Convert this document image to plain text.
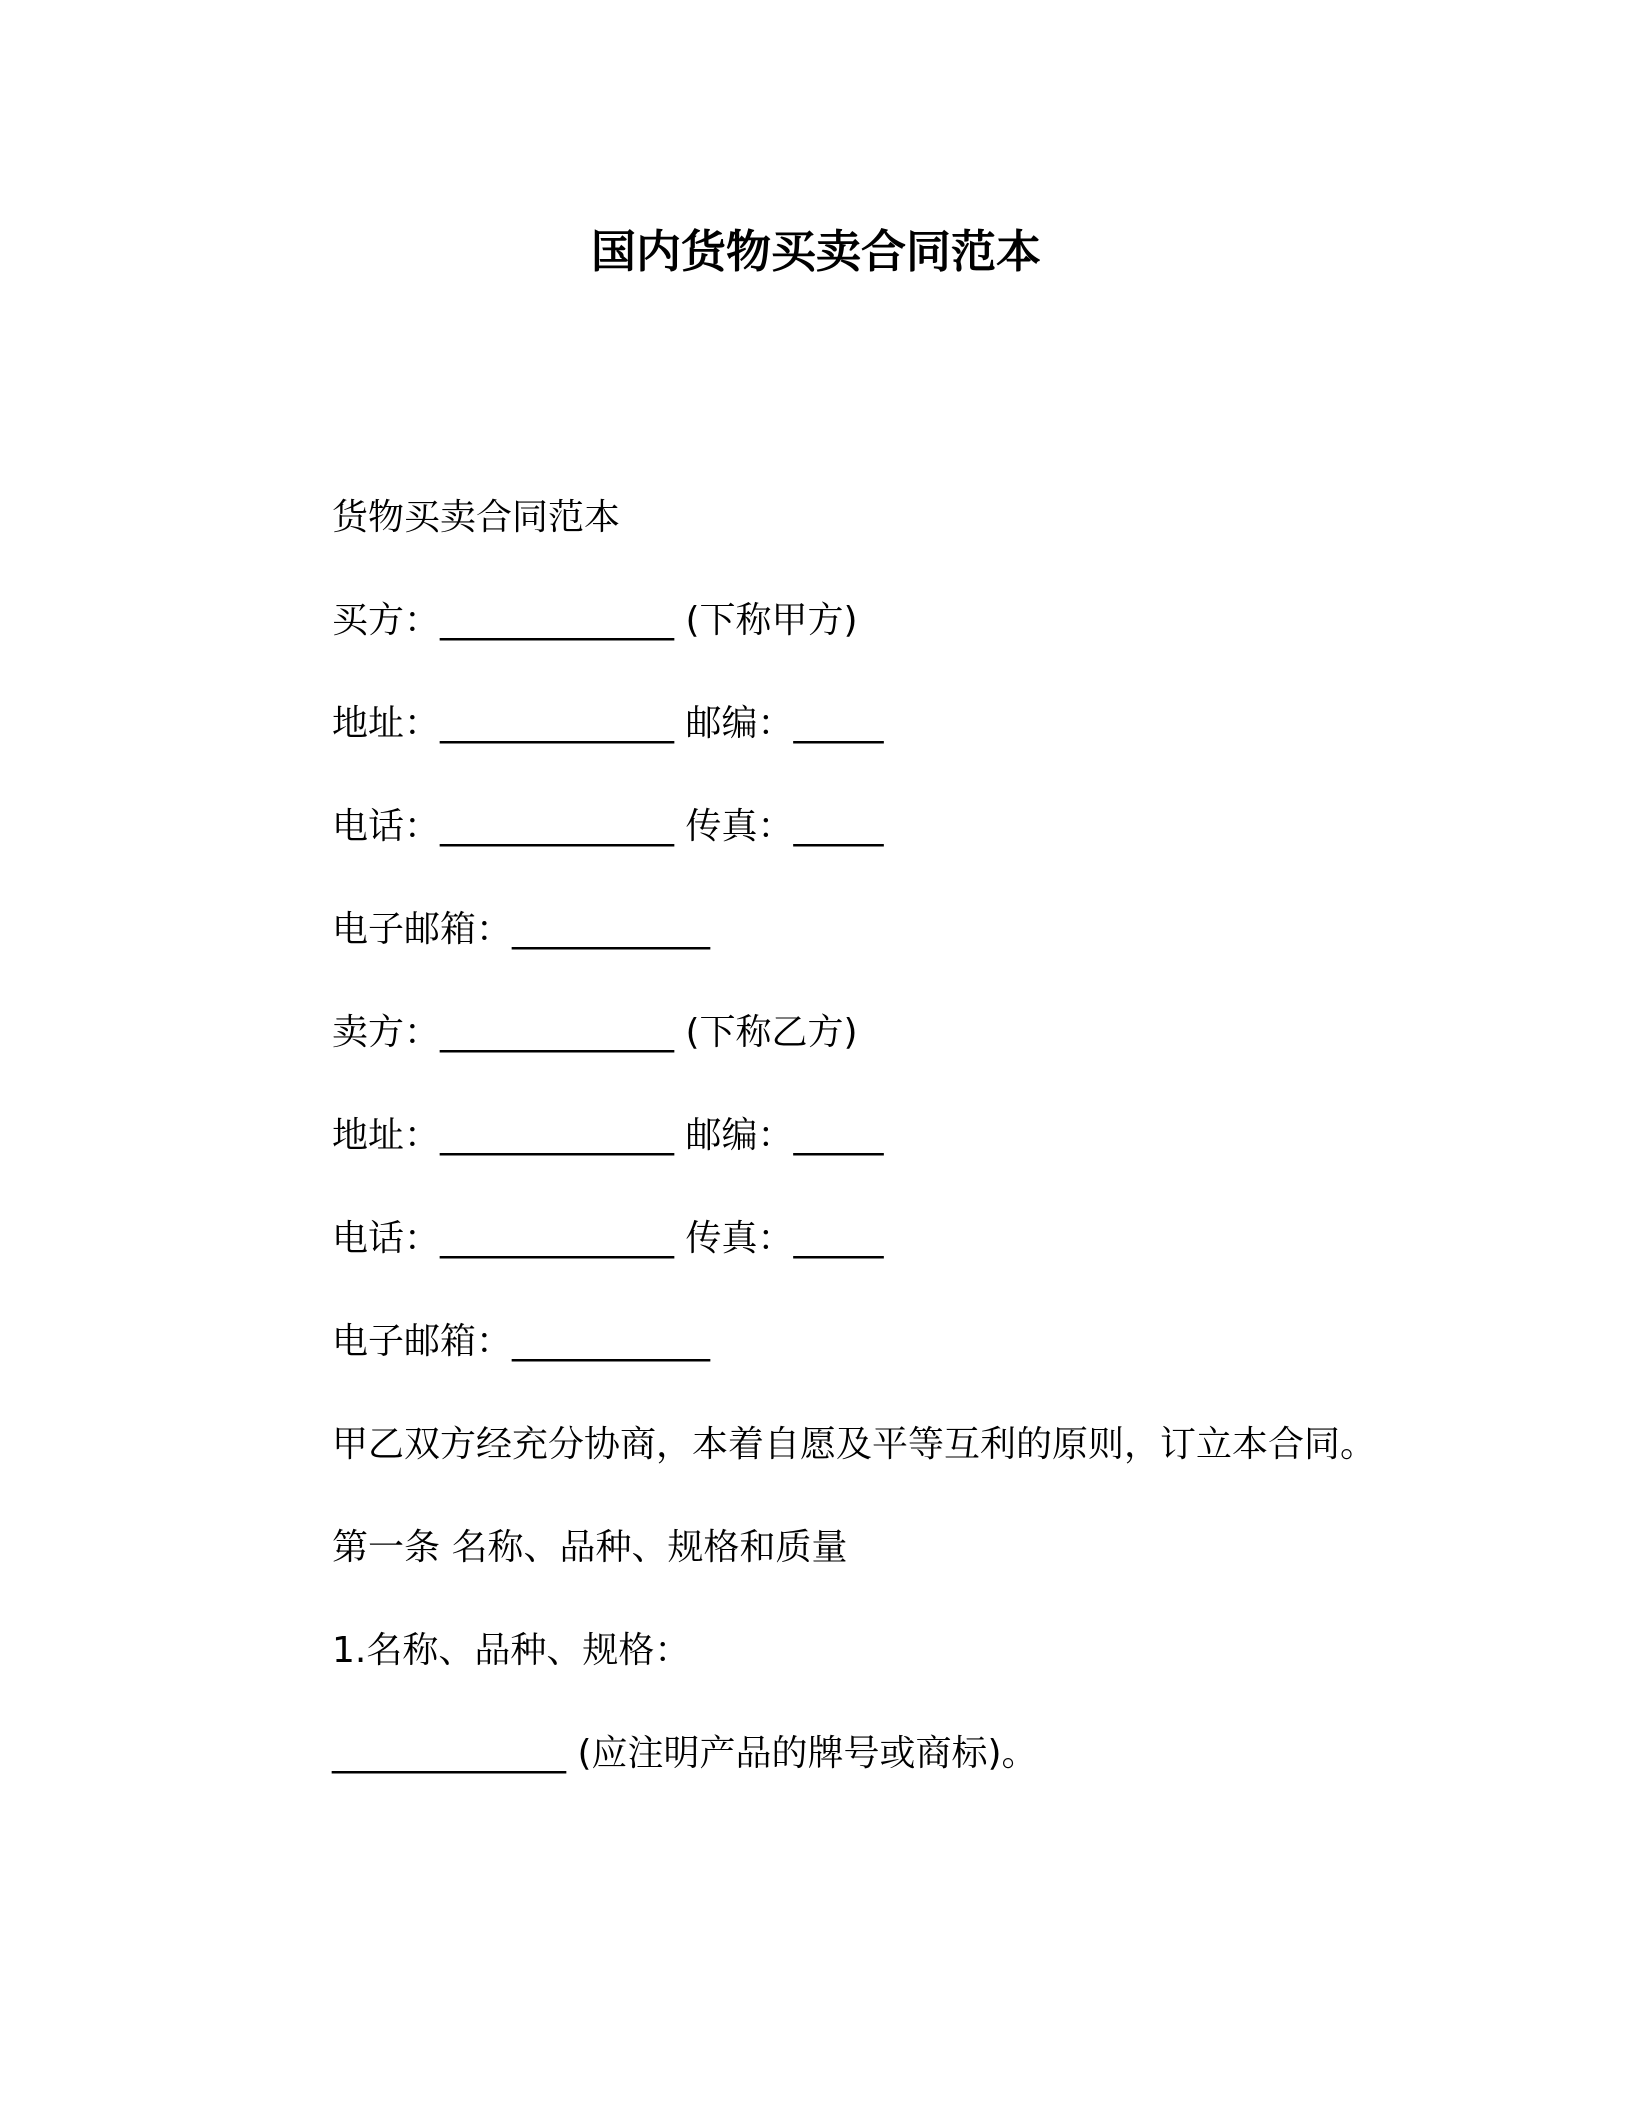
国内货物买卖合同范本
货物买卖合同范本
买方：_____________ (下称甲方)
地址：_____________ 邮编：_____
电话：_____________ 传真：_____
电子邮箱：___________
卖方：_____________ (下称乙方)
地址：_____________ 邮编：_____
电话：_____________ 传真：_____
电子邮箱：___________
甲乙双方经充分协商，本着自愿及平等互利的原则，订立本合同。
第一条 名称、品种、规格和质量
1.名称、品种、规格：
_____________ (应注明产品的牌号或商标)。
